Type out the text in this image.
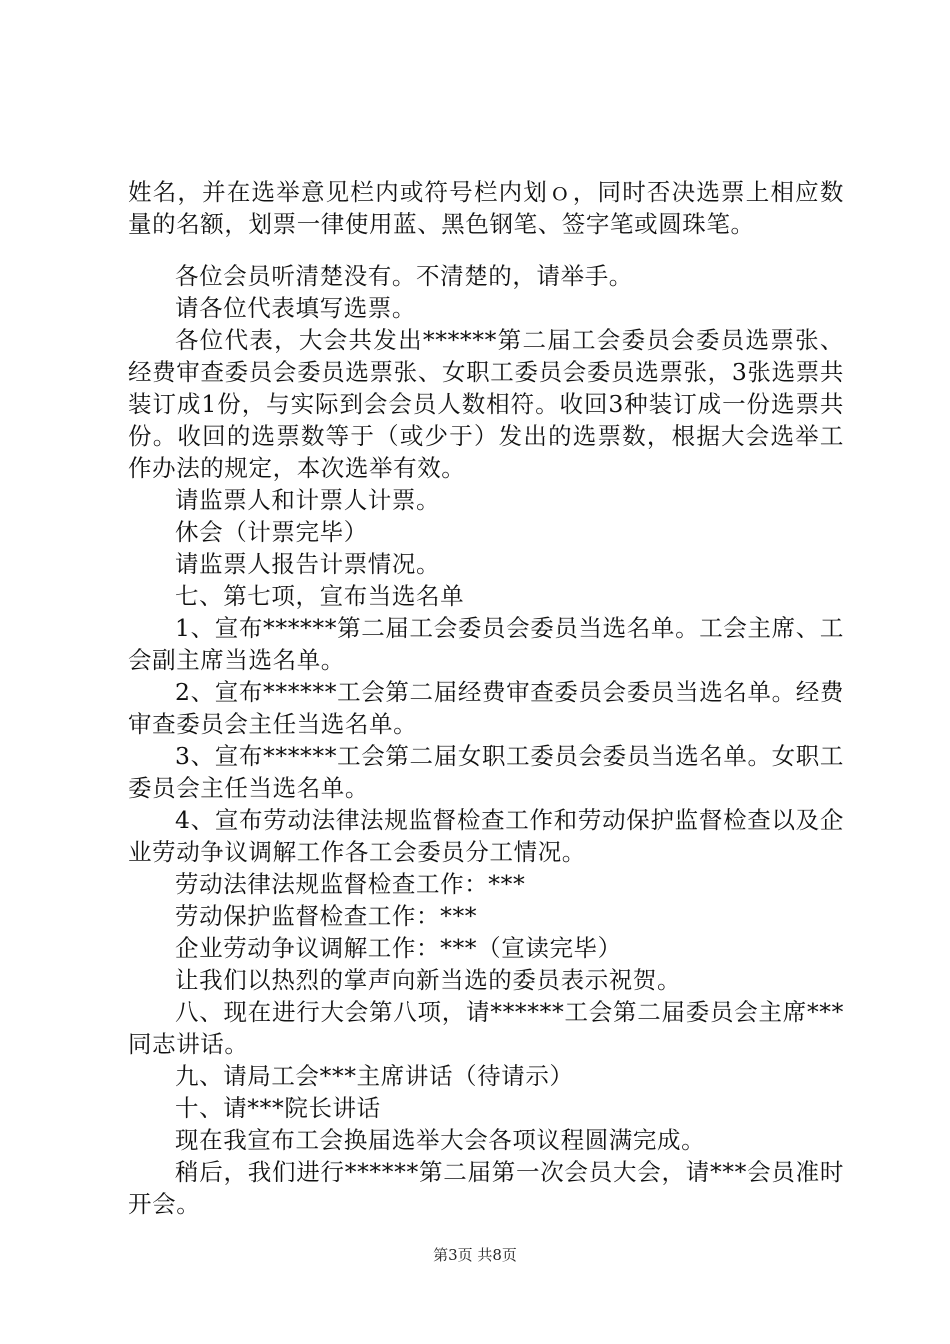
姓名，并在选举意见栏内或符号栏内划ｏ，同时否决选票上相应数量的名额，划票一律使用蓝、黑色钢笔、签字笔或圆珠笔。

各位会员听清楚没有。不清楚的，请举手。

请各位代表填写选票。

各位代表，大会共发出******第二届工会委员会委员选票张、经费审查委员会委员选票张、女职工委员会委员选票张，3张选票共装订成1份，与实际到会会员人数相符。收回3种装订成一份选票共份。收回的选票数等于（或少于）发出的选票数，根据大会选举工作办法的规定，本次选举有效。

请监票人和计票人计票。

休会（计票完毕）

请监票人报告计票情况。

七、第七项，宣布当选名单

1、宣布******第二届工会委员会委员当选名单。工会主席、工会副主席当选名单。

2、宣布******工会第二届经费审查委员会委员当选名单。经费审查委员会主任当选名单。

3、宣布******工会第二届女职工委员会委员当选名单。女职工委员会主任当选名单。

4、宣布劳动法律法规监督检查工作和劳动保护监督检查以及企业劳动争议调解工作各工会委员分工情况。

劳动法律法规监督检查工作：***

劳动保护监督检查工作：***

企业劳动争议调解工作：***（宣读完毕）

让我们以热烈的掌声向新当选的委员表示祝贺。

八、现在进行大会第八项，请******工会第二届委员会主席***同志讲话。

九、请局工会***主席讲话（待请示）

十、请***院长讲话

现在我宣布工会换届选举大会各项议程圆满完成。

稍后，我们进行******第二届第一次会员大会，请***会员准时开会。

第3页 共8页
